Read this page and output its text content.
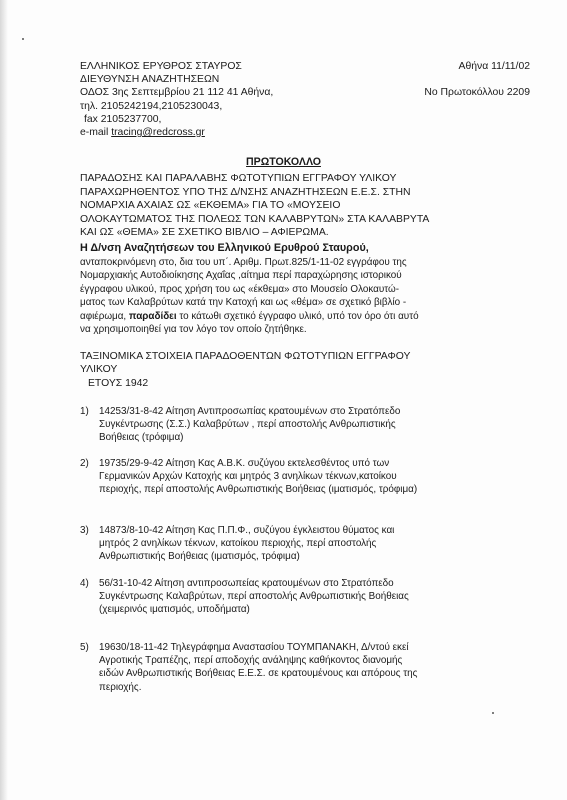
ΕΛΛΗΝΙΚΟΣ ΕΡΥΘΡΟΣ ΣΤΑΥΡΟΣ
ΔΙΕΥΘΥΝΣΗ ΑΝΑΖΗΤΗΣΕΩΝ
ΟΔΟΣ 3ης Σεπτεμβρίου 21 112 41 Αθήνα,
τηλ. 2105242194,2105230043,
fax 2105237700,
e-mail tracing@redcross.gr
Αθήνα 11/11/02
Νο Πρωτοκόλλου 2209
ΠΡΩΤΟΚΟΛΛΟ
ΠΑΡΑΔΟΣΗΣ ΚΑΙ ΠΑΡΑΛΑΒΗΣ ΦΩΤΟΤΥΠΙΩΝ ΕΓΓΡΑΦΟΥ ΥΛΙΚΟΥ
ΠΑΡΑΧΩΡΗΘΕΝΤΟΣ ΥΠΟ ΤΗΣ Δ/ΝΣΗΣ ΑΝΑΖΗΤΗΣΕΩΝ Ε.Ε.Σ. ΣΤΗΝ
ΝΟΜΑΡΧΙΑ ΑΧΑΙΑΣ ΩΣ «ΕΚΘΕΜΑ» ΓΙΑ ΤΟ «ΜΟΥΣΕΙΟ
ΟΛΟΚΑΥΤΩΜΑΤΟΣ ΤΗΣ ΠΟΛΕΩΣ ΤΩΝ ΚΑΛΑΒΡΥΤΩΝ» ΣΤΑ ΚΑΛΑΒΡΥΤΑ
ΚΑΙ ΩΣ «ΘΕΜΑ» ΣΕ ΣΧΕΤΙΚΟ ΒΙΒΛΙΟ – ΑΦΙΕΡΩΜΑ.
Η Δ/νση Αναζητήσεων του Ελληνικού Ερυθρού Σταυρού,
ανταποκρινόμενη στο, δια του υπ΄. Αριθμ. Πρωτ.825/1-11-02 εγγράφου της
Νομαρχιακής Αυτοδιοίκησης Αχαΐας ,αίτημα περί παραχώρησης ιστορικού
έγγραφου υλικού, προς χρήση του ως «έκθεμα» στο Μουσείο Ολοκαυτώ-
ματος των Καλαβρύτων κατά την Κατοχή και ως «θέμα» σε σχετικό βιβλίο -
αφιέρωμα, παραδίδει το κάτωθι σχετικό έγγραφο υλικό, υπό τον όρο ότι αυτό
να χρησιμοποιηθεί για τον λόγο τον οποίο ζητήθηκε.
ΤΑΞΙΝΟΜΙΚΑ ΣΤΟΙΧΕΙΑ ΠΑΡΑΔΟΘΕΝΤΩΝ ΦΩΤΟΤΥΠΙΩΝ ΕΓΓΡΑΦΟΥ
ΥΛΙΚΟΥ
ΕΤΟΥΣ 1942
1)	14253/31-8-42 Αίτηση Αντιπροσωπίας κρατουμένων στο Στρατόπεδο
Συγκέντρωσης (Σ.Σ.) Καλαβρύτων , περί αποστολής Ανθρωπιστικής
Βοήθειας (τρόφιμα)
2)	19735/29-9-42 Αίτηση Κας Α.Β.Κ. συζύγου εκτελεσθέντος υπό των
Γερμανικών Αρχών Κατοχής και μητρός 3 ανηλίκων τέκνων,κατοίκου
περιοχής, περί αποστολής Ανθρωπιστικής Βοήθειας (ιματισμός, τρόφιμα)
3)	14873/8-10-42 Αίτηση Κας Π.Π.Φ., συζύγου έγκλειστου θύματος και
μητρός 2 ανηλίκων τέκνων, κατοίκου περιοχής, περί αποστολής
Ανθρωπιστικής Βοήθειας (ιματισμός, τρόφιμα)
4)	56/31-10-42 Αίτηση αντιπροσωπείας κρατουμένων στο Στρατόπεδο
Συγκέντρωσης Καλαβρύτων, περί αποστολής Ανθρωπιστικής Βοήθειας
(χειμερινός ιματισμός, υποδήματα)
5)	19630/18-11-42 Τηλεγράφημα Αναστασίου ΤΟΥΜΠΑΝΑΚΗ, Δ/ντού εκεί
Αγροτικής Τραπέζης, περί αποδοχής ανάληψης καθήκοντος διανομής
ειδών Ανθρωπιστικής Βοήθειας Ε.Ε.Σ. σε κρατουμένους και απόρους της
περιοχής.
